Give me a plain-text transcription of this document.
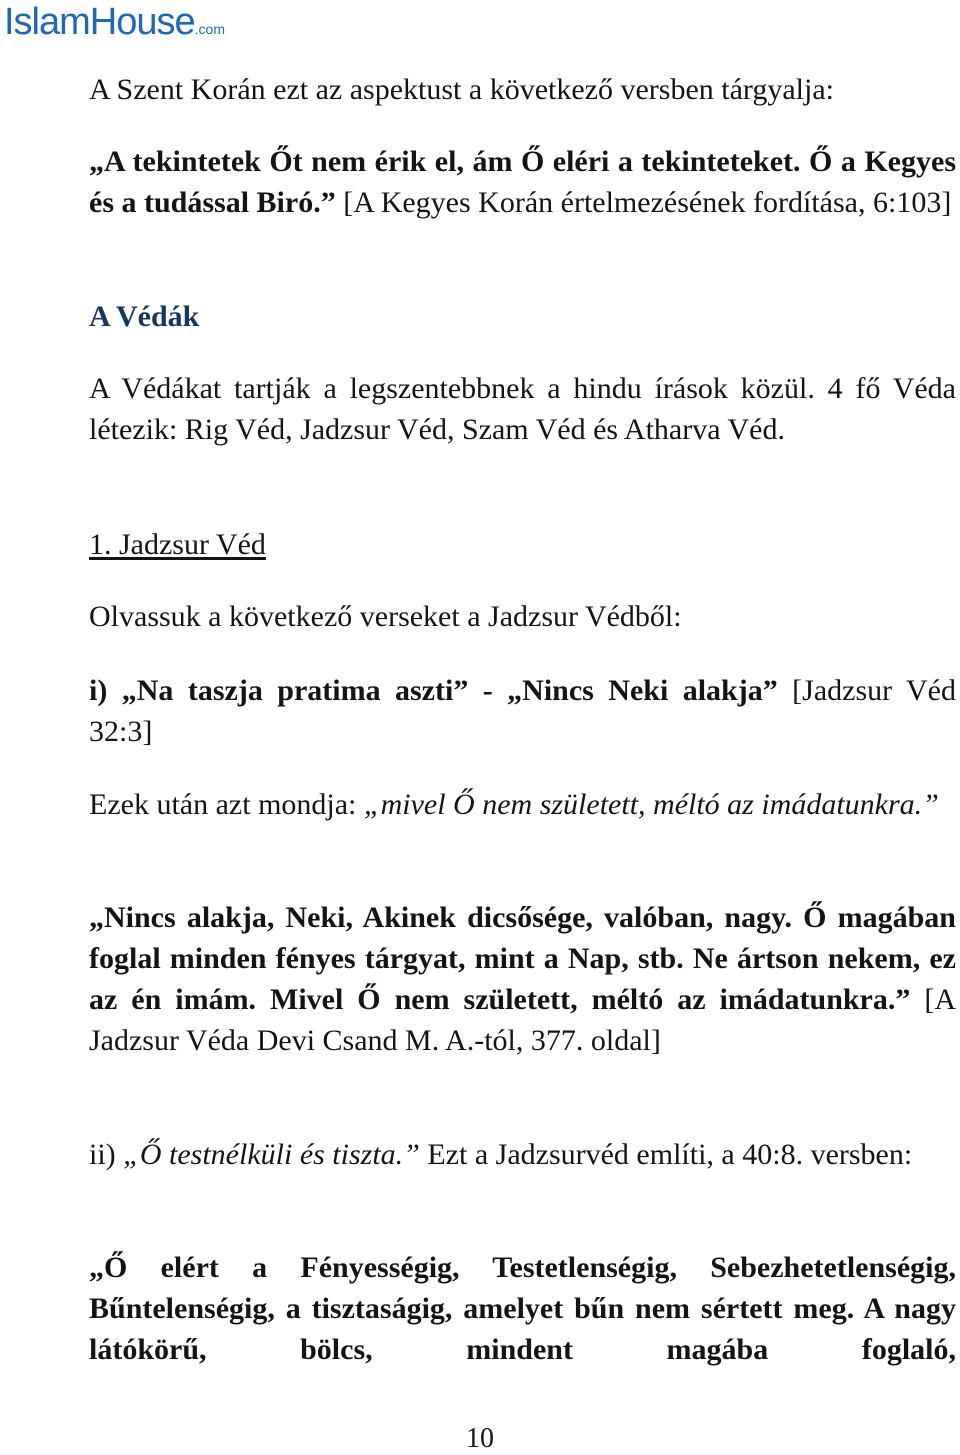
IslamHouse.com

A Szent Korán ezt az aspektust a következő versben tárgyalja:

„A tekintetek Őt nem érik el, ám Ő eléri a tekinteteket. Ő a Kegyes és a tudással Biró.” [A Kegyes Korán értelmezésének fordítása, 6:103]

A Védák

A Védákat tartják a legszentebbnek a hindu írások közül. 4 fő Véda létezik: Rig Véd, Jadzsur Véd, Szam Véd és Atharva Véd.

1. Jadzsur Véd

Olvassuk a következő verseket a Jadzsur Védből:

i) „Na taszja pratima aszti” - „Nincs Neki alakja” [Jadzsur Véd 32:3]

Ezek után azt mondja: „mivel Ő nem született, méltó az imádatunkra.”

„Nincs alakja, Neki, Akinek dicsősége, valóban, nagy. Ő magában foglal minden fényes tárgyat, mint a Nap, stb. Ne ártson nekem, ez az én imám. Mivel Ő nem született, méltó az imádatunkra.” [A Jadzsur Véda Devi Csand M. A.-tól, 377. oldal]

ii) „Ő testnélküli és tiszta.” Ezt a Jadzsurvéd említi, a 40:8. versben:

„Ő elért a Fényességig, Testetlenségig, Sebezhetetlenségig, Bűntelenségig, a tisztaságig, amelyet bűn nem sértett meg. A nagy látókörű, bölcs, mindent magába foglaló,

10
